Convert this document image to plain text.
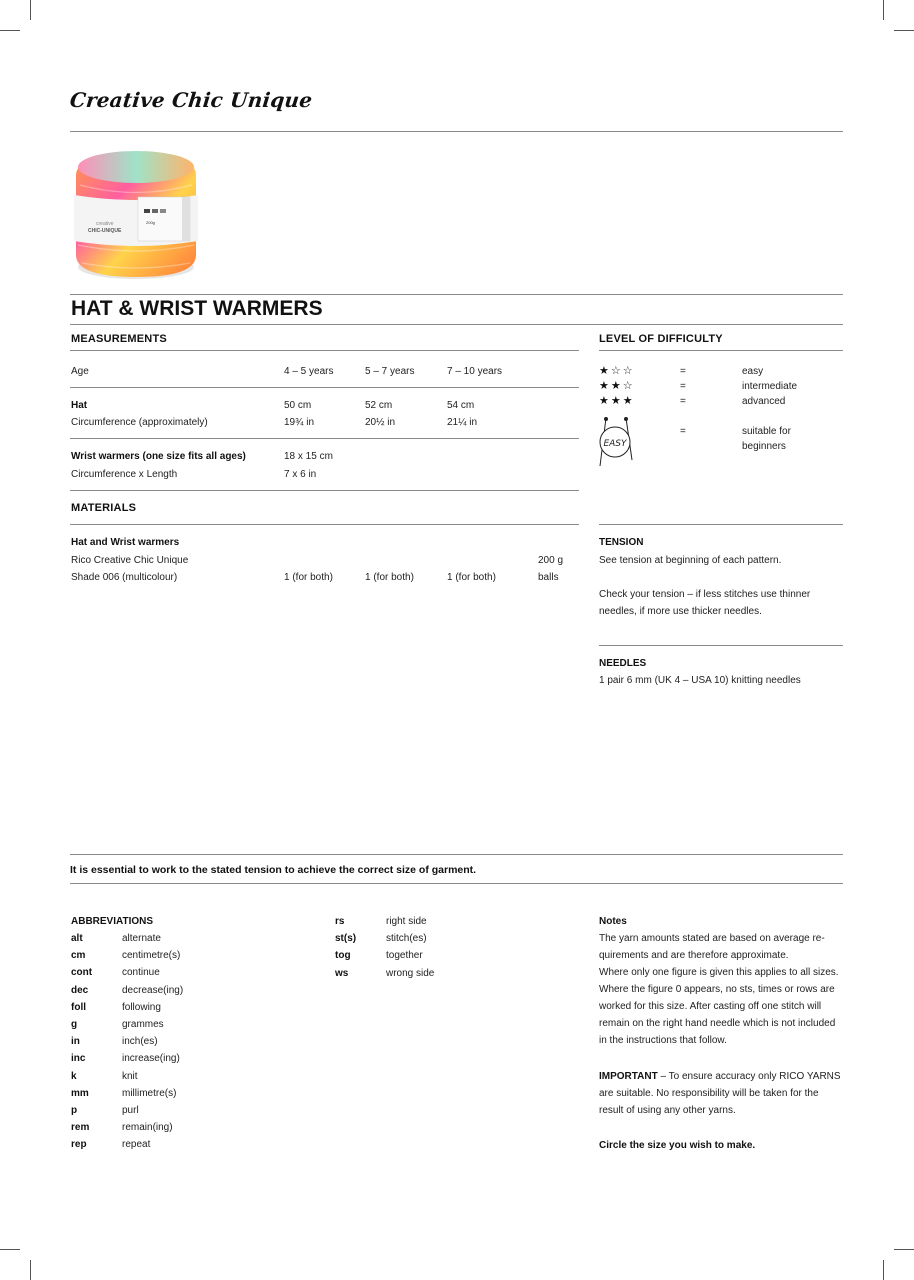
Creative Chic Unique
200g
creative
CHIC-UNIQUE
HAT & WRIST WARMERS
MEASUREMENTS
Age	4 – 5 years	5 – 7 years	7 – 10 years
Hat	50 cm	52 cm	54 cm
Circumference (approximately)	19¾ in	20½ in	21¼ in
Wrist warmers (one size fits all ages)	18 x 15 cm
Circumference x Length	7 x 6 in
MATERIALS
Hat and Wrist warmers
Rico Creative Chic Unique	200 g
Shade 006 (multicolour)	1 (for both)	1 (for both)	1 (for both)	balls
LEVEL OF DIFFICULTY
★☆☆	=	easy
★★☆	=	intermediate
★★★	=	advanced
EASY
=	suitable for
beginners
TENSION
See tension at beginning of each pattern.
Check your tension – if less stitches use thinner
needles, if more use thicker needles.
NEEDLES
1 pair 6 mm (UK 4 – USA 10) knitting needles
It is essential to work to the stated tension to achieve the correct size of garment.
ABBREVIATIONS
alt	alternate
cm	centimetre(s)
cont	continue
dec	decrease(ing)
foll	following
g	grammes
in	inch(es)
inc	increase(ing)
k	knit
mm	millimetre(s)
p	purl
rem	remain(ing)
rep	repeat
rs	right side
st(s)	stitch(es)
tog	together
ws	wrong side
Notes
The yarn amounts stated are based on average re-
quirements and are therefore approximate.
Where only one figure is given this applies to all sizes.
Where the figure 0 appears, no sts, times or rows are
worked for this size. After casting off one stitch will
remain on the right hand needle which is not included
in the instructions that follow.
IMPORTANT – To ensure accuracy only RICO YARNS
are suitable. No responsibility will be taken for the
result of using any other yarns.
Circle the size you wish to make.
